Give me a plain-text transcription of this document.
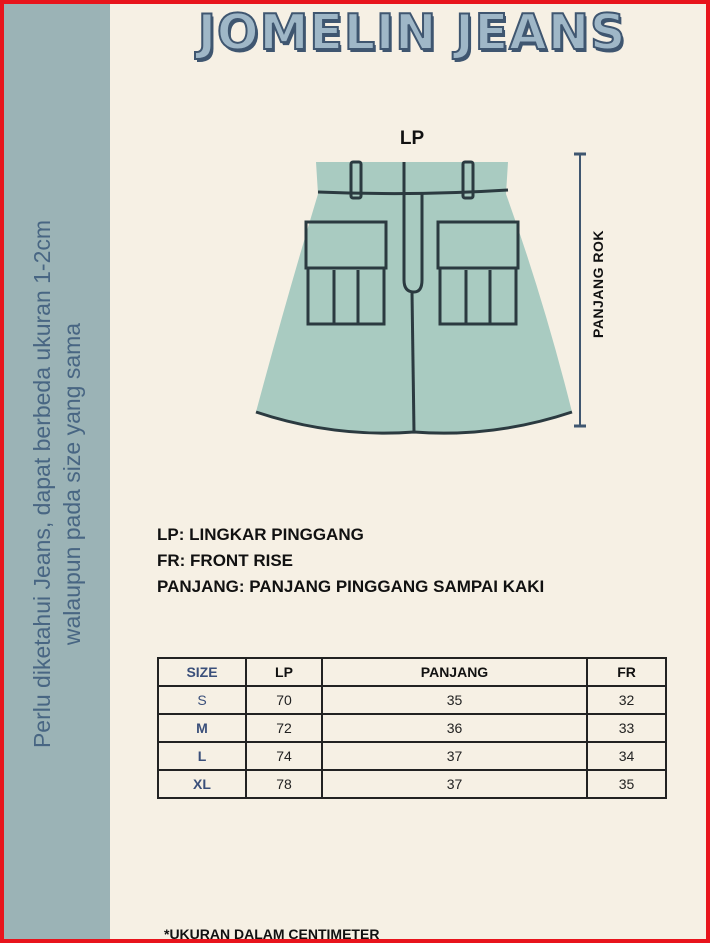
Perlu diketahui Jeans, dapat berbeda ukuran 1-2cm walaupun pada size yang sama
JOMELIN JEANS
LP
PANJANG ROK
LP: LINGKAR PINGGANG
FR: FRONT RISE
PANJANG: PANJANG PINGGANG SAMPAI KAKI
SIZE	LP	PANJANG	FR
S	70	35	32
M	72	36	33
L	74	37	34
XL	78	37	35
*UKURAN DALAM CENTIMETER
